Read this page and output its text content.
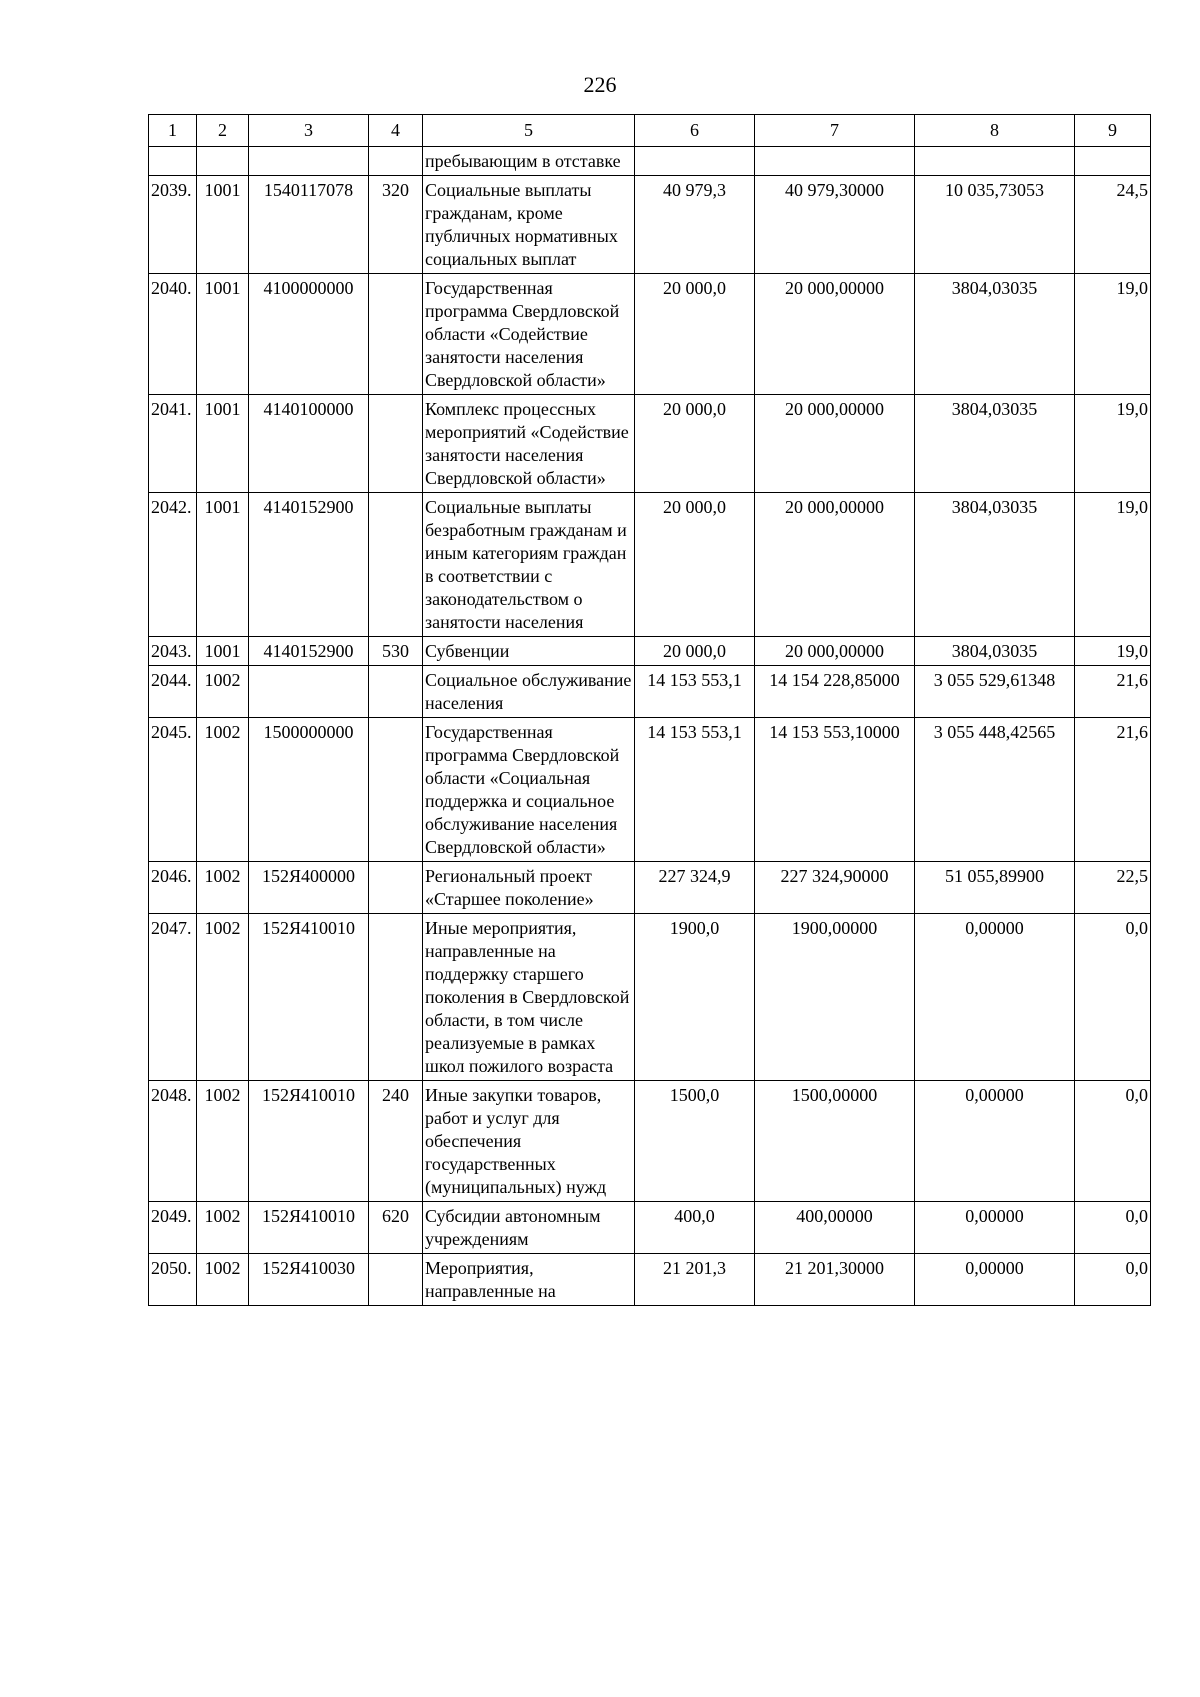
226
1	2	3	4	5	6	7	8	9
				пребывающим в отставке				
2039.	1001	1540117078	320	Социальные выплаты гражданам, кроме публичных нормативных социальных выплат	40 979,3	40 979,30000	10 035,73053	24,5
2040.	1001	4100000000		Государственная программа Свердловской области «Содействие занятости населения Свердловской области»	20 000,0	20 000,00000	3804,03035	19,0
2041.	1001	4140100000		Комплекс процессных мероприятий «Содействие занятости населения Свердловской области»	20 000,0	20 000,00000	3804,03035	19,0
2042.	1001	4140152900		Социальные выплаты безработным гражданам и иным категориям граждан в соответствии с законодательством о занятости населения	20 000,0	20 000,00000	3804,03035	19,0
2043.	1001	4140152900	530	Субвенции	20 000,0	20 000,00000	3804,03035	19,0
2044.	1002			Социальное обслуживание населения	14 153 553,1	14 154 228,85000	3 055 529,61348	21,6
2045.	1002	1500000000		Государственная программа Свердловской области «Социальная поддержка и социальное обслуживание населения Свердловской области»	14 153 553,1	14 153 553,10000	3 055 448,42565	21,6
2046.	1002	152Я400000		Региональный проект «Старшее поколение»	227 324,9	227 324,90000	51 055,89900	22,5
2047.	1002	152Я410010		Иные мероприятия, направленные на поддержку старшего поколения в Свердловской области, в том числе реализуемые в рамках школ пожилого возраста	1900,0	1900,00000	0,00000	0,0
2048.	1002	152Я410010	240	Иные закупки товаров, работ и услуг для обеспечения государственных (муниципальных) нужд	1500,0	1500,00000	0,00000	0,0
2049.	1002	152Я410010	620	Субсидии автономным учреждениям	400,0	400,00000	0,00000	0,0
2050.	1002	152Я410030		Мероприятия, направленные на	21 201,3	21 201,30000	0,00000	0,0
